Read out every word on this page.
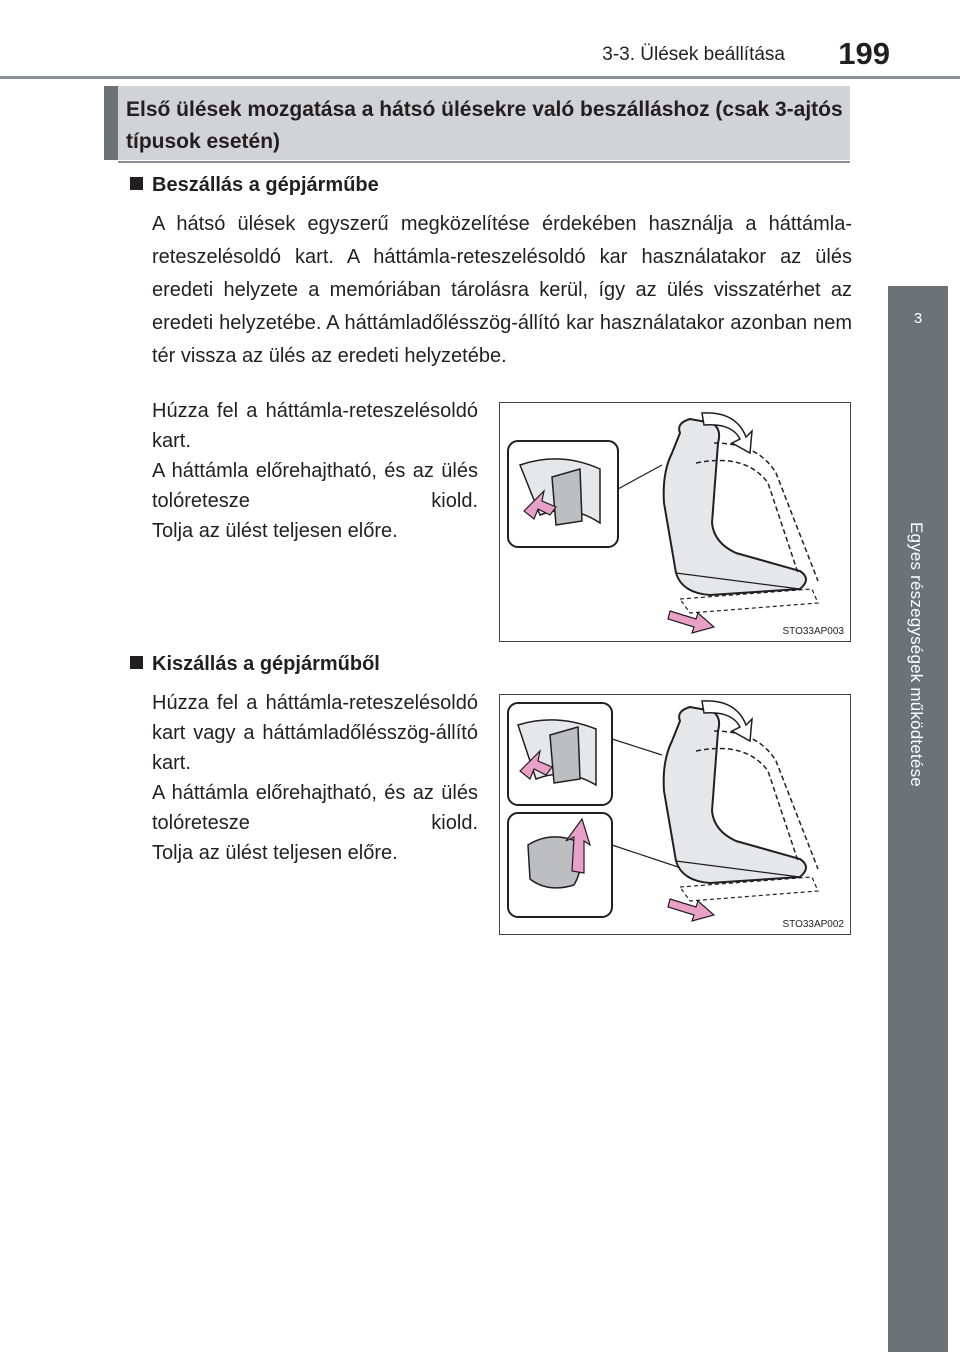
3-3. Ülések beállítása	199
3
Egyes részegységek működtetése
Első ülések mozgatása a hátsó ülésekre való beszálláshoz (csak 3-ajtós típusok esetén)
Beszállás a gépjárműbe
A hátsó ülések egyszerű megközelítése érdekében használja a háttámla-reteszelésoldó kart. A háttámla-reteszelésoldó kar használatakor az ülés eredeti helyzete a memóriában tárolásra kerül, így az ülés visszatérhet az eredeti helyzetébe. A háttámladőlésszög-állító kar használatakor azonban nem tér vissza az ülés az eredeti helyzetébe.

Húzza fel a háttámla-reteszelésoldó kart.

A háttámla előrehajtható, és az ülés tolóretesze kiold.

Tolja az ülést teljesen előre.

STO33AP003
Kiszállás a gépjárműből

Húzza fel a háttámla-reteszelésoldó kart vagy a háttámladőlésszög-állító kart.

A háttámla előrehajtható, és az ülés tolóretesze kiold.

Tolja az ülést teljesen előre.

STO33AP002
